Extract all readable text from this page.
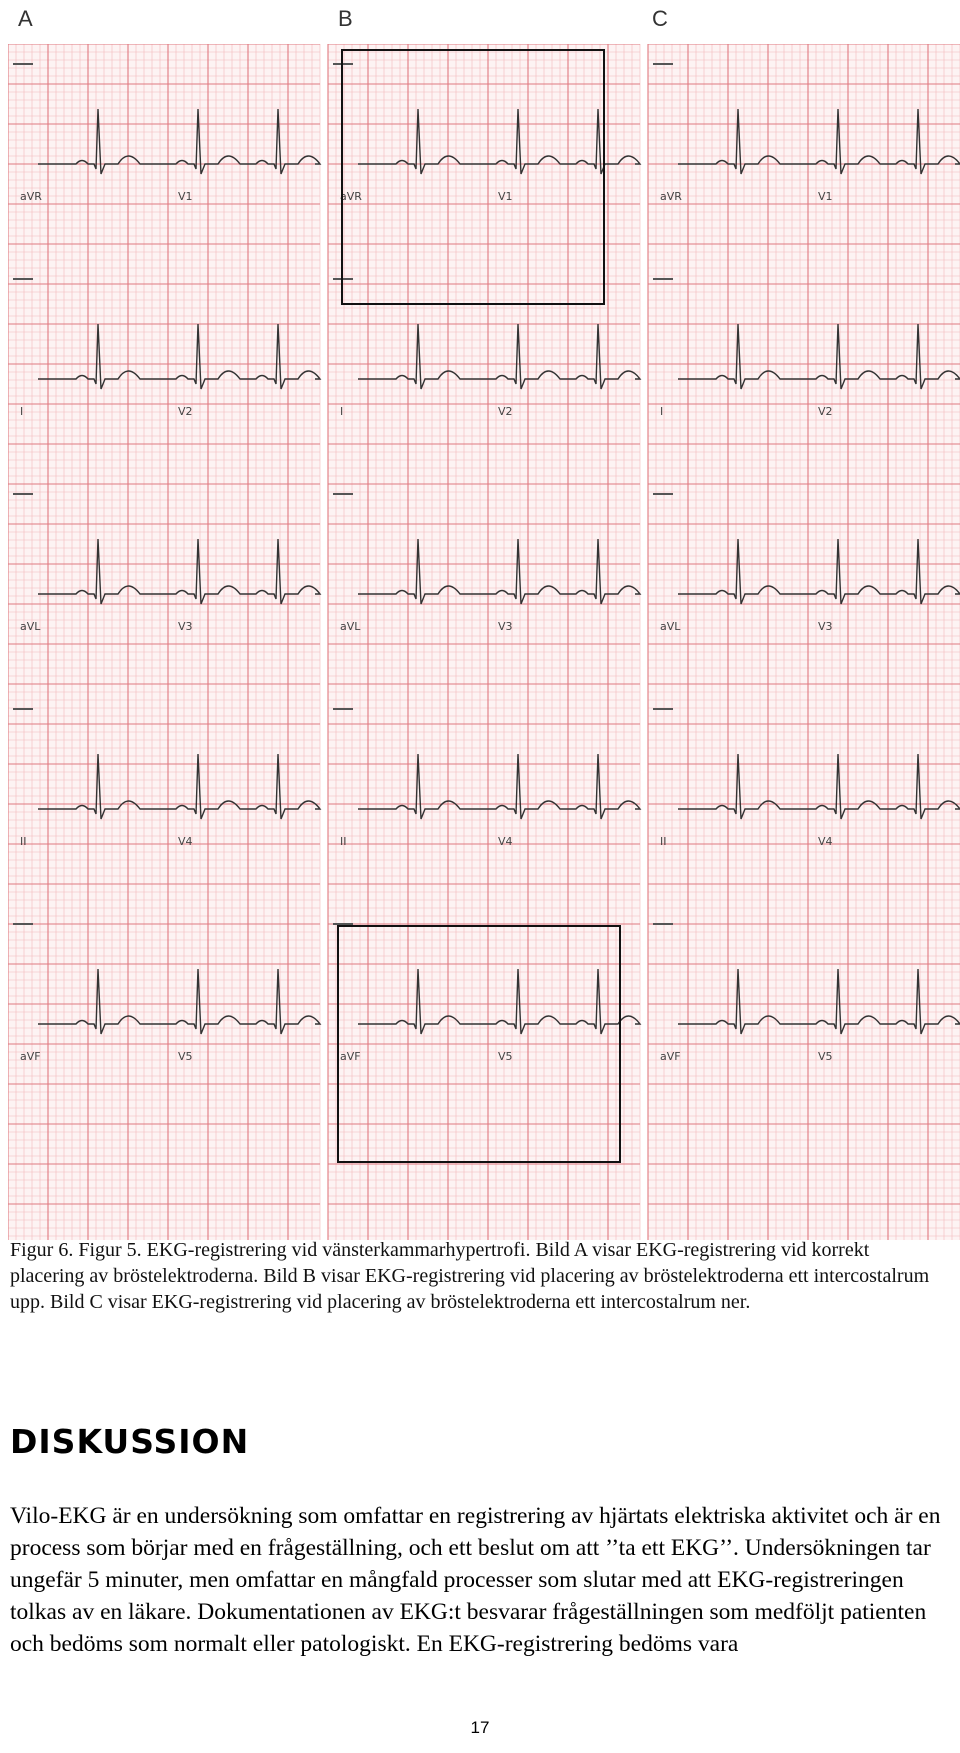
A	B	C
aVR	V1
I	V2
aVL	V3
II	V4
aVF	V5
aVR	V1
I	V2
aVL	V3
II	V4
aVF	V5
aVR	V1
I	V2
aVL	V3
II	V4
aVF	V5
Figur 6. Figur 5. EKG-registrering vid vänsterkammarhypertrofi. Bild A visar EKG-registrering vid korrekt placering av bröstelektroderna. Bild B visar EKG-registrering vid placering av bröstelektroderna ett intercostalrum upp. Bild C visar EKG-registrering vid placering av bröstelektroderna ett intercostalrum ner.
DISKUSSION
Vilo-EKG är en undersökning som omfattar en registrering av hjärtats elektriska aktivitet och är en process som börjar med en frågeställning, och ett beslut om att ’’ta ett EKG’’. Undersökningen tar ungefär 5 minuter, men omfattar en mångfald processer som slutar med att EKG-registreringen tolkas av en läkare. Dokumentationen av EKG:t besvarar frågeställningen som medföljt patienten och bedöms som normalt eller patologiskt. En EKG-registrering bedöms vara
17
